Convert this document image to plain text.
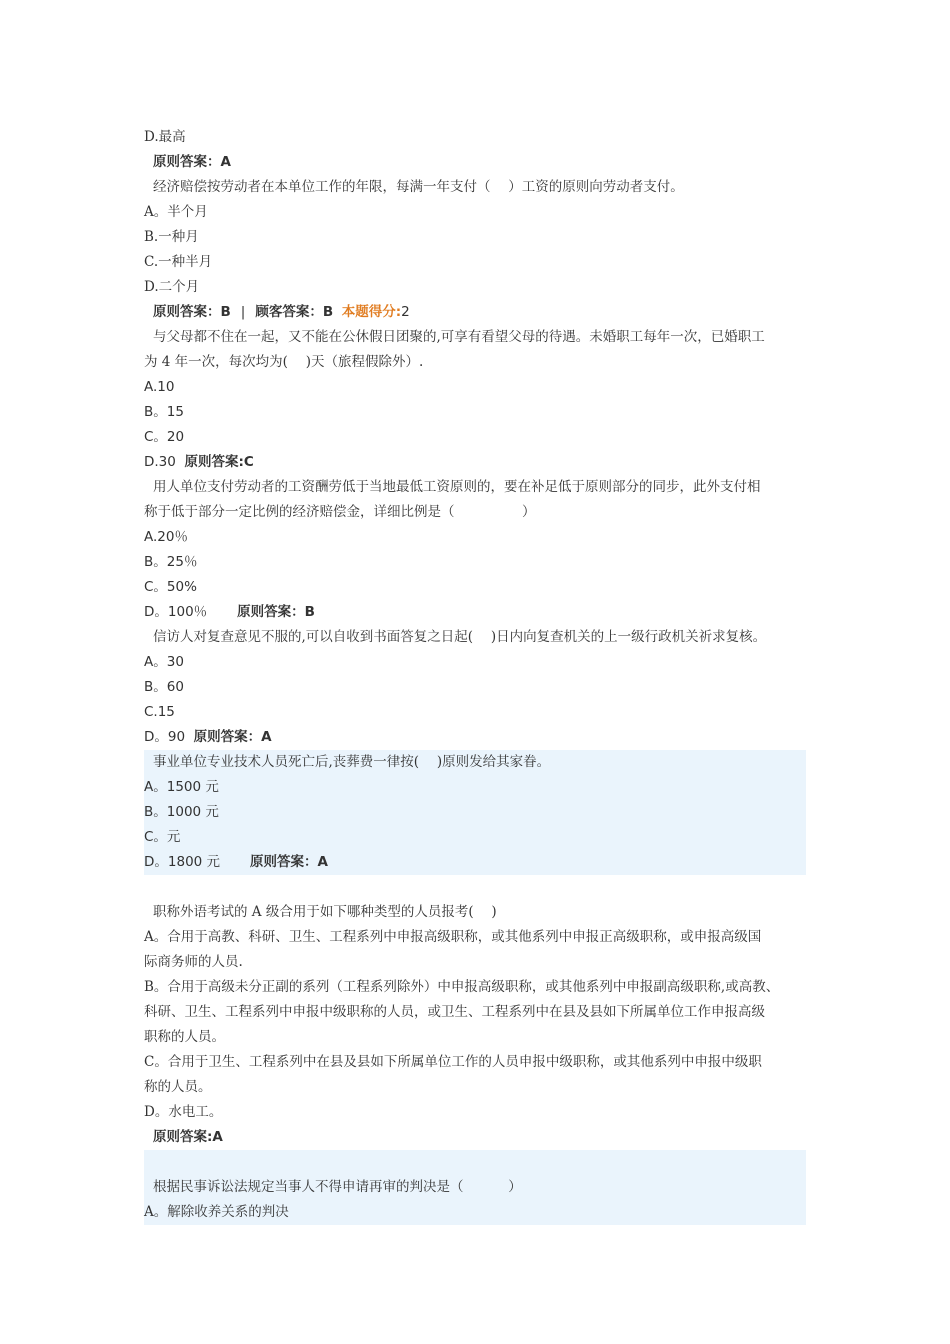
D.最高
原则答案：A
经济赔偿按劳动者在本单位工作的年限，每满一年支付（　 ）工资的原则向劳动者支付。
A。半个月
B.一种月
C.一种半月
D.二个月
原则答案：B | 顾客答案：B 本题得分:2
与父母都不住在一起，又不能在公休假日团聚的,可享有看望父母的待遇。未婚职工每年一次，已婚职工
为 4 年一次，每次均为(　 )天（旅程假除外）.
A.10
B。15
C。20
D.30 原则答案:C
用人单位支付劳动者的工资酬劳低于当地最低工资原则的，要在补足低于原则部分的同步，此外支付相
称于低于部分一定比例的经济赔偿金，详细比例是（　　　　　）
A.20％
B。25％
C。50%
D。100％ 原则答案：B
信访人对复查意见不服的,可以自收到书面答复之日起(　 )日内向复查机关的上一级行政机关祈求复核。
A。30
B。60
C.15
D。90 原则答案：A
事业单位专业技术人员死亡后,丧葬费一律按(　 )原则发给其家眷。
A。1500 元
B。1000 元
C。元
D。1800 元 原则答案：A
职称外语考试的 A 级合用于如下哪种类型的人员报考(　 )
A。合用于高教、科研、卫生、工程系列中申报高级职称，或其他系列中申报正高级职称，或申报高级国
际商务师的人员.
B。合用于高级未分正副的系列（工程系列除外）中申报高级职称，或其他系列中申报副高级职称,或高教、
科研、卫生、工程系列中申报中级职称的人员，或卫生、工程系列中在县及县如下所属单位工作申报高级
职称的人员。
C。合用于卫生、工程系列中在县及县如下所属单位工作的人员申报中级职称，或其他系列中申报中级职
称的人员。
D。水电工。
原则答案:A
根据民事诉讼法规定当事人不得申请再审的判决是（　　　 ）
A。解除收养关系的判决
